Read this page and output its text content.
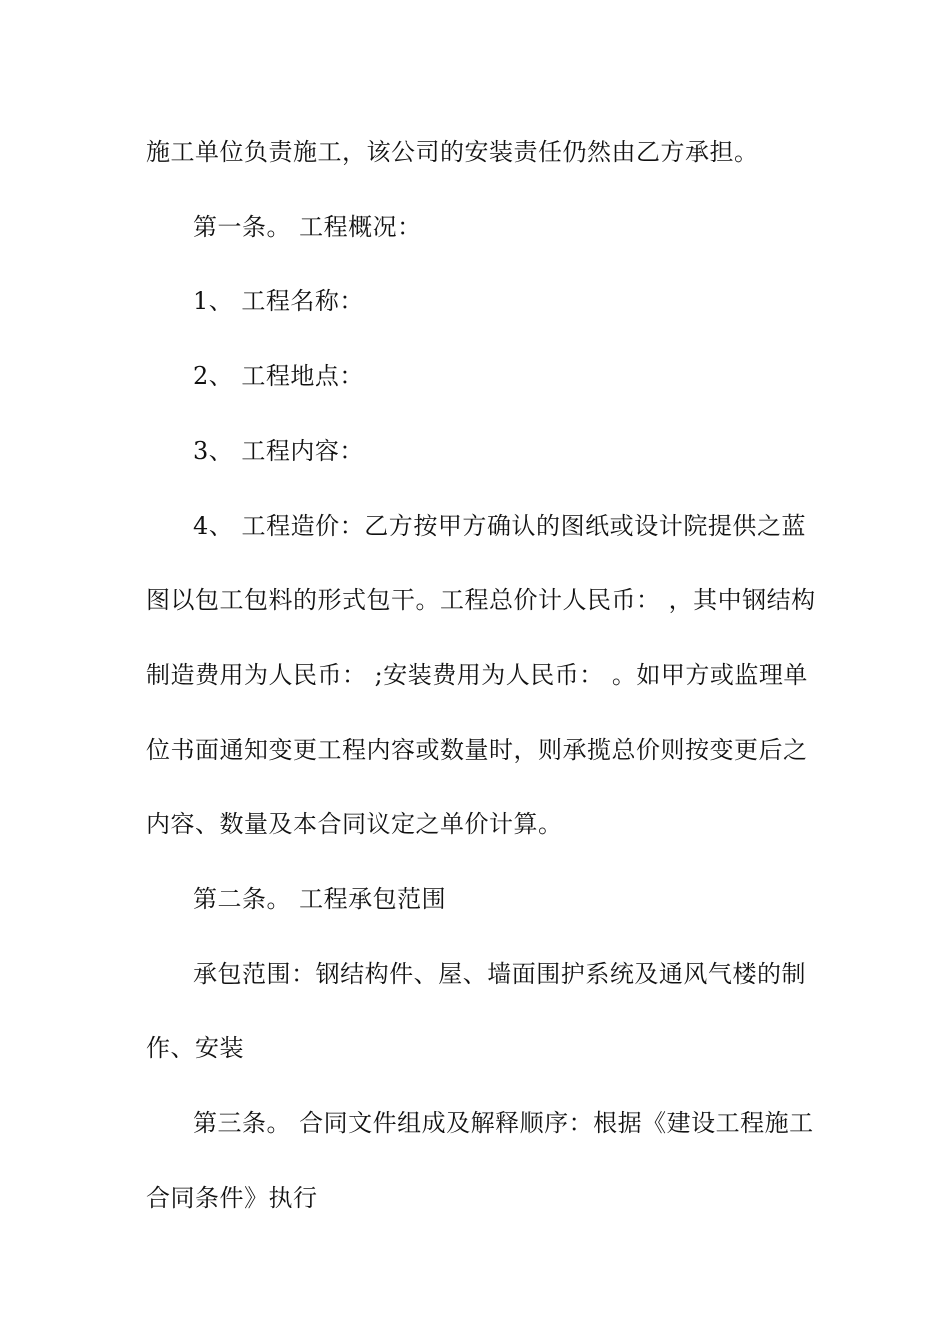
施工单位负责施工，该公司的安装责任仍然由乙方承担。
第一条。 工程概况：
1、 工程名称：
2、 工程地点：
3、 工程内容：
4、 工程造价：乙方按甲方确认的图纸或设计院提供之蓝
图以包工包料的形式包干。工程总价计人民币： ，其中钢结构
制造费用为人民币： ;安装费用为人民币： 。如甲方或监理单
位书面通知变更工程内容或数量时，则承揽总价则按变更后之
内容、数量及本合同议定之单价计算。
第二条。 工程承包范围
承包范围：钢结构件、屋、墙面围护系统及通风气楼的制
作、安装
第三条。 合同文件组成及解释顺序：根据《建设工程施工
合同条件》执行
